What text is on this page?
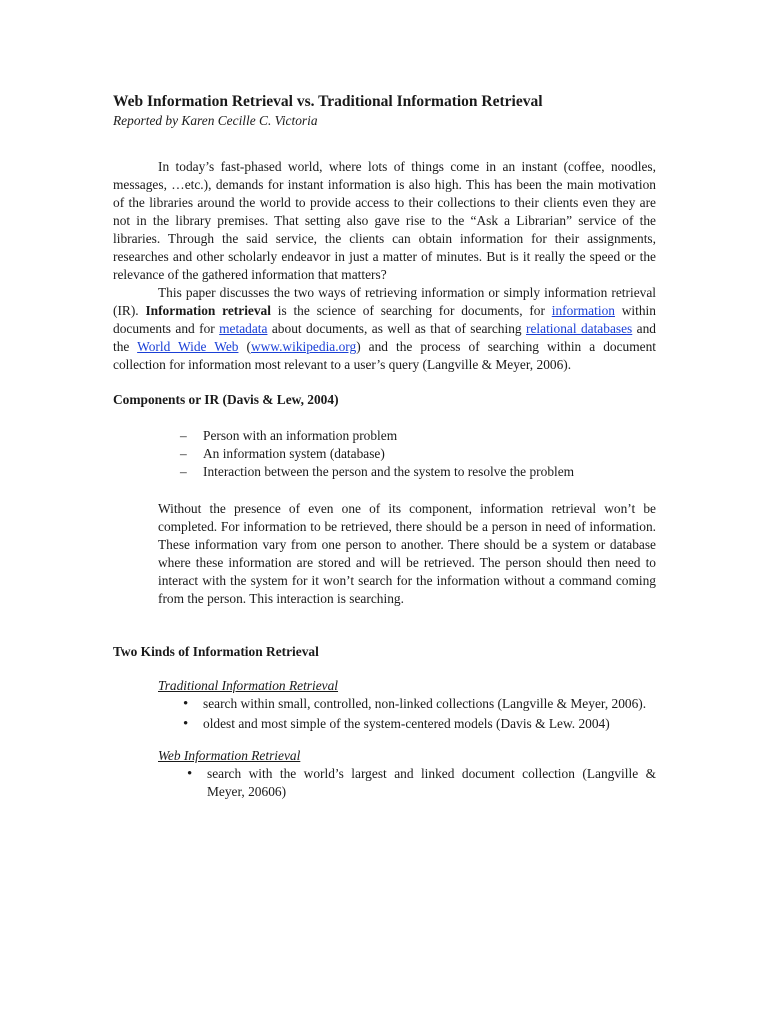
Web Information Retrieval vs. Traditional Information Retrieval

Reported by Karen Cecille C. Victoria

In today’s fast-phased world, where lots of things come in an instant (coffee, noodles, messages, …etc.), demands for instant information is also high. This has been the main motivation of the libraries around the world to provide access to their collections to their clients even they are not in the library premises. That setting also gave rise to the “Ask a Librarian” service of the libraries. Through the said service, the clients can obtain information for their assignments, researches and other scholarly endeavor in just a matter of minutes. But is it really the speed or the relevance of the gathered information that matters?

This paper discusses the two ways of retrieving information or simply information retrieval (IR). Information retrieval is the science of searching for documents, for information within documents and for metadata about documents, as well as that of searching relational databases and the World Wide Web (www.wikipedia.org) and the process of searching within a document collection for information most relevant to a user’s query (Langville & Meyer, 2006).

Components or IR (Davis & Lew, 2004)

– Person with an information problem
– An information system (database)
– Interaction between the person and the system to resolve the problem

Without the presence of even one of its component, information retrieval won’t be completed. For information to be retrieved, there should be a person in need of information. These information vary from one person to another. There should be a system or database where these information are stored and will be retrieved. The person should then need to interact with the system for it won’t search for the information without a command coming from the person. This interaction is searching.

Two Kinds of Information Retrieval

Traditional Information Retrieval

• search within small, controlled, non-linked collections (Langville & Meyer, 2006).
• oldest and most simple of the system-centered models (Davis & Lew. 2004)

Web Information Retrieval

• search with the world’s largest and linked document collection (Langville & Meyer, 20606)
